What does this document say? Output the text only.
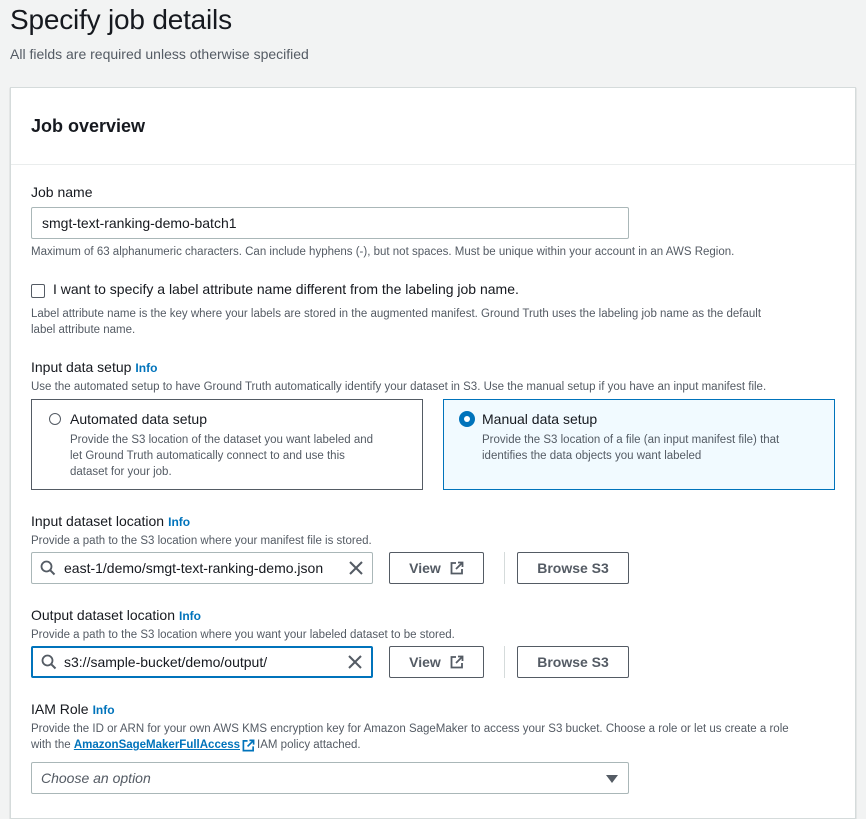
Specify job details
All fields are required unless otherwise specified
Job overview
Job name
smgt-text-ranking-demo-batch1
Maximum of 63 alphanumeric characters. Can include hyphens (-), but not spaces. Must be unique within your account in an AWS Region.
I want to specify a label attribute name different from the labeling job name.
Label attribute name is the key where your labels are stored in the augmented manifest. Ground Truth uses the labeling job name as the default
label attribute name.
Input data setup Info
Use the automated setup to have Ground Truth automatically identify your dataset in S3. Use the manual setup if you have an input manifest file.
Automated data setup
Provide the S3 location of the dataset you want labeled and
let Ground Truth automatically connect to and use this
dataset for your job.
Manual data setup
Provide the S3 location of a file (an input manifest file) that
identifies the data objects you want labeled
Input dataset location Info
Provide a path to the S3 location where your manifest file is stored.
east-1/demo/smgt-text-ranking-demo.json	View	Browse S3
Output dataset location Info
Provide a path to the S3 location where you want your labeled dataset to be stored.
s3://sample-bucket/demo/output/	View	Browse S3
IAM Role Info
Provide the ID or ARN for your own AWS KMS encryption key for Amazon SageMaker to access your S3 bucket. Choose a role or let us create a role
with the
AmazonSageMakerFullAccess IAM policy attached.
Choose an option
